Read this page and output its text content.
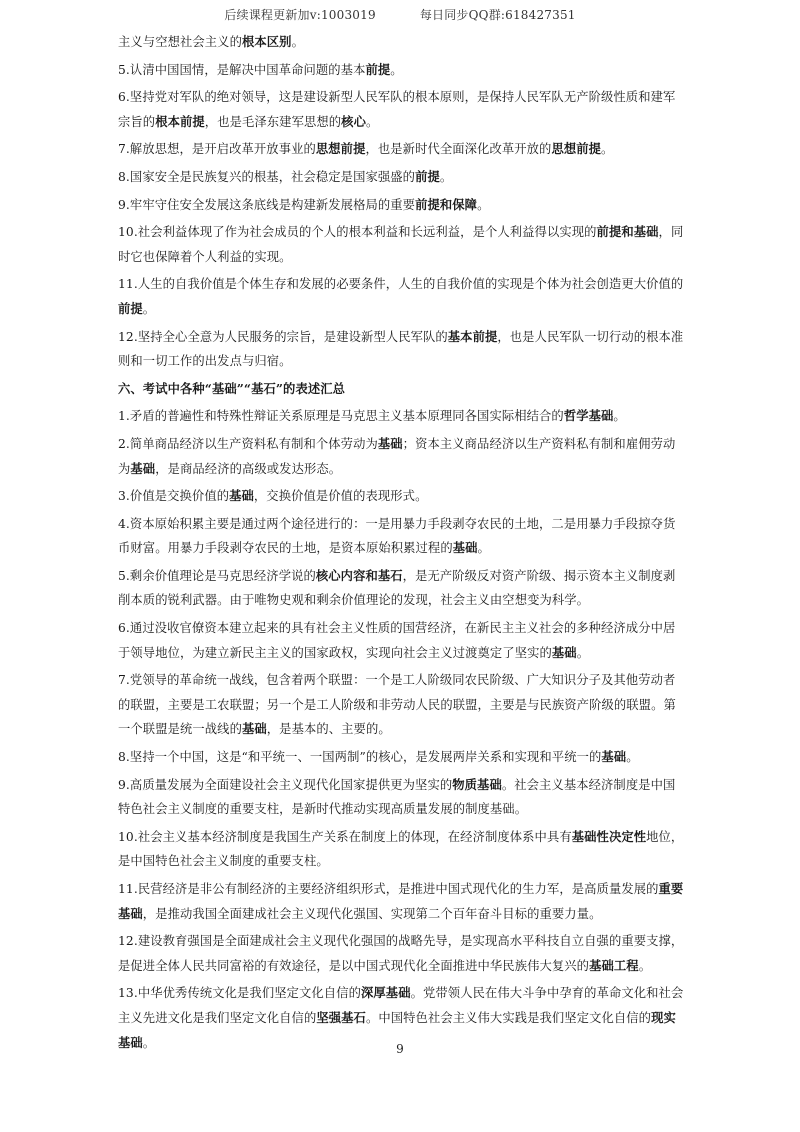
后续课程更新加v:1003019	每日同步QQ群:618427351

主义与空想社会主义的根本区别。

5.认清中国国情，是解决中国革命问题的基本前提。

6.坚持党对军队的绝对领导，这是建设新型人民军队的根本原则，是保持人民军队无产阶级性质和建军宗旨的根本前提，也是毛泽东建军思想的核心。

7.解放思想，是开启改革开放事业的思想前提，也是新时代全面深化改革开放的思想前提。

8.国家安全是民族复兴的根基，社会稳定是国家强盛的前提。

9.牢牢守住安全发展这条底线是构建新发展格局的重要前提和保障。

10.社会利益体现了作为社会成员的个人的根本利益和长远利益，是个人利益得以实现的前提和基础，同时它也保障着个人利益的实现。

11.人生的自我价值是个体生存和发展的必要条件，人生的自我价值的实现是个体为社会创造更大价值的前提。

12.坚持全心全意为人民服务的宗旨，是建设新型人民军队的基本前提，也是人民军队一切行动的根本准则和一切工作的出发点与归宿。

六、考试中各种“基础”“基石”的表述汇总

1.矛盾的普遍性和特殊性辩证关系原理是马克思主义基本原理同各国实际相结合的哲学基础。

2.简单商品经济以生产资料私有制和个体劳动为基础；资本主义商品经济以生产资料私有制和雇佣劳动为基础，是商品经济的高级或发达形态。

3.价值是交换价值的基础，交换价值是价值的表现形式。

4.资本原始积累主要是通过两个途径进行的：一是用暴力手段剥夺农民的土地，二是用暴力手段掠夺货币财富。用暴力手段剥夺农民的土地，是资本原始积累过程的基础。

5.剩余价值理论是马克思经济学说的核心内容和基石，是无产阶级反对资产阶级、揭示资本主义制度剥削本质的锐利武器。由于唯物史观和剩余价值理论的发现，社会主义由空想变为科学。

6.通过没收官僚资本建立起来的具有社会主义性质的国营经济，在新民主主义社会的多种经济成分中居于领导地位，为建立新民主主义的国家政权，实现向社会主义过渡奠定了坚实的基础。

7.党领导的革命统一战线，包含着两个联盟：一个是工人阶级同农民阶级、广大知识分子及其他劳动者的联盟，主要是工农联盟；另一个是工人阶级和非劳动人民的联盟，主要是与民族资产阶级的联盟。第一个联盟是统一战线的基础，是基本的、主要的。

8.坚持一个中国，这是“和平统一、一国两制”的核心，是发展两岸关系和实现和平统一的基础。

9.高质量发展为全面建设社会主义现代化国家提供更为坚实的物质基础。社会主义基本经济制度是中国特色社会主义制度的重要支柱，是新时代推动实现高质量发展的制度基础。

10.社会主义基本经济制度是我国生产关系在制度上的体现，在经济制度体系中具有基础性决定性地位，是中国特色社会主义制度的重要支柱。

11.民营经济是非公有制经济的主要经济组织形式，是推进中国式现代化的生力军，是高质量发展的重要基础，是推动我国全面建成社会主义现代化强国、实现第二个百年奋斗目标的重要力量。

12.建设教育强国是全面建成社会主义现代化强国的战略先导，是实现高水平科技自立自强的重要支撑，是促进全体人民共同富裕的有效途径，是以中国式现代化全面推进中华民族伟大复兴的基础工程。

13.中华优秀传统文化是我们坚定文化自信的深厚基础。党带领人民在伟大斗争中孕育的革命文化和社会主义先进文化是我们坚定文化自信的坚强基石。中国特色社会主义伟大实践是我们坚定文化自信的现实基础。	9
